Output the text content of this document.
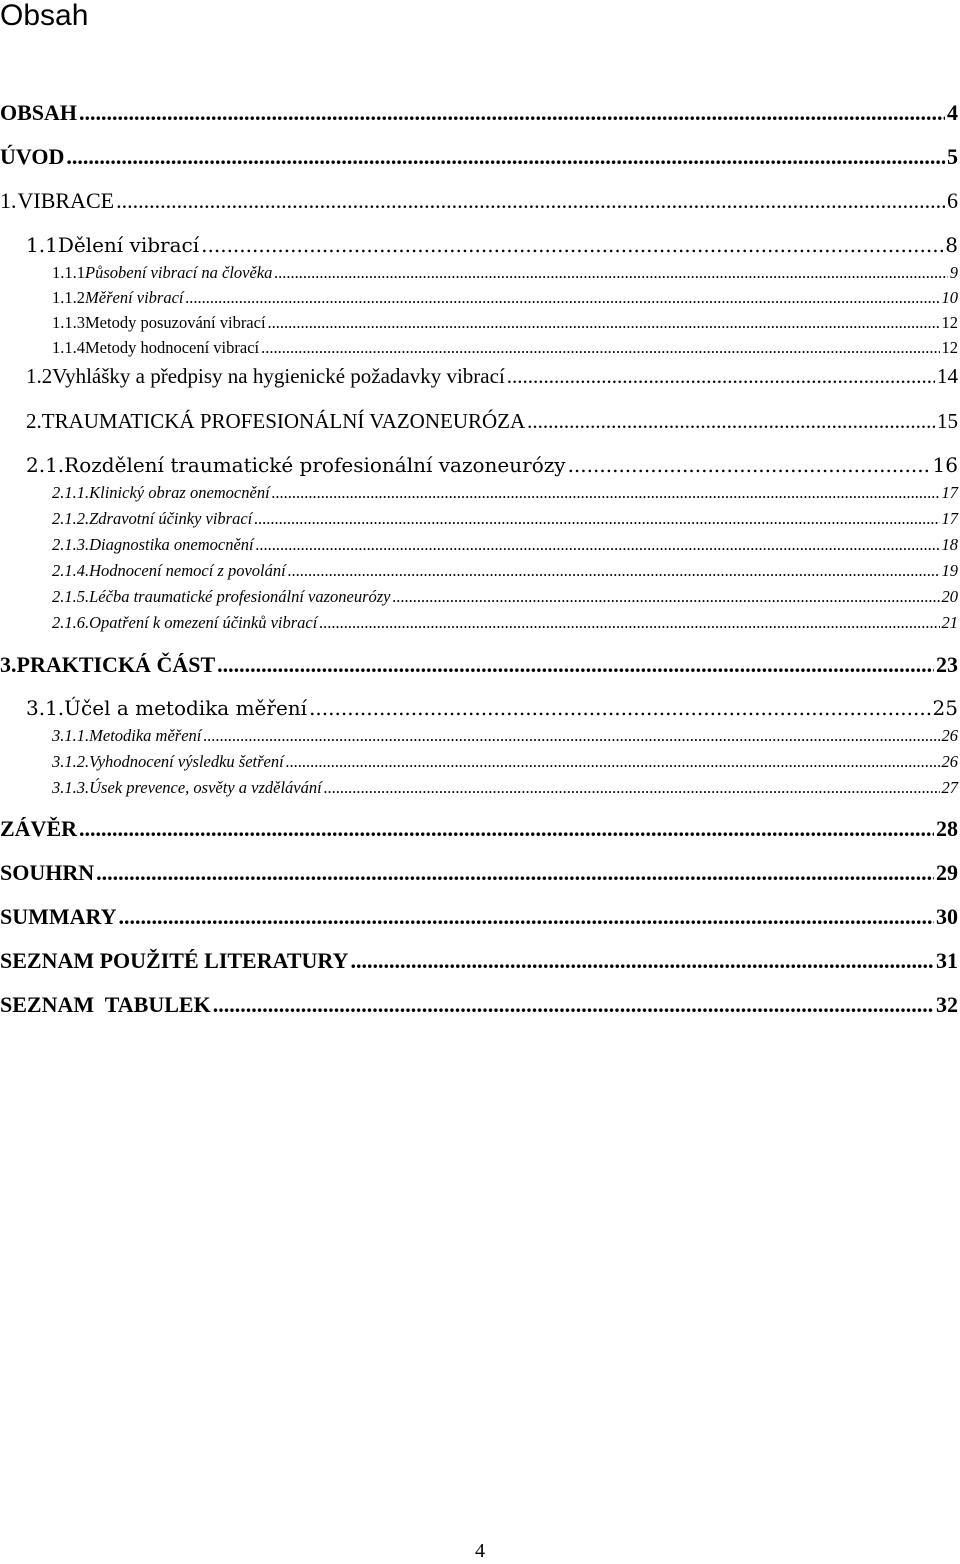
Obsah
OBSAH .....	4
ÚVOD .....	5
1. VIBRACE .....	6
1.1 Dělení vibrací .....	8
1.1.1 Působení vibrací na člověka .....	9
1.1.2 Měření vibrací .....	10
1.1.3 Metody posuzování vibrací .....	12
1.1.4 Metody hodnocení vibrací .....	12
1.2 Vyhlášky a předpisy na hygienické požadavky vibrací .....	14
2. TRAUMATICKÁ PROFESIONÁLNÍ VAZONEURÓZA .....	15
2.1. Rozdělení traumatické profesionální vazoneurózy .....	16
2.1.1. Klinický obraz onemocnění .....	17
2.1.2. Zdravotní účinky vibrací .....	17
2.1.3. Diagnostika onemocnění .....	18
2.1.4. Hodnocení nemocí z povolání .....	19
2.1.5. Léčba traumatické profesionální vazoneurózy .....	20
2.1.6. Opatření k omezení účinků vibrací .....	21
3. PRAKTICKÁ ČÁST .....	23
3.1. Účel a metodika měření .....	25
3.1.1. Metodika měření .....	26
3.1.2. Vyhodnocení výsledku šetření .....	26
3.1.3. Úsek prevence, osvěty a vzdělávání .....	27
ZÁVĚR .....	28
SOUHRN .....	29
SUMMARY .....	30
SEZNAM POUŽITÉ LITERATURY .....	31
SEZNAM  TABULEK .....	32
4
